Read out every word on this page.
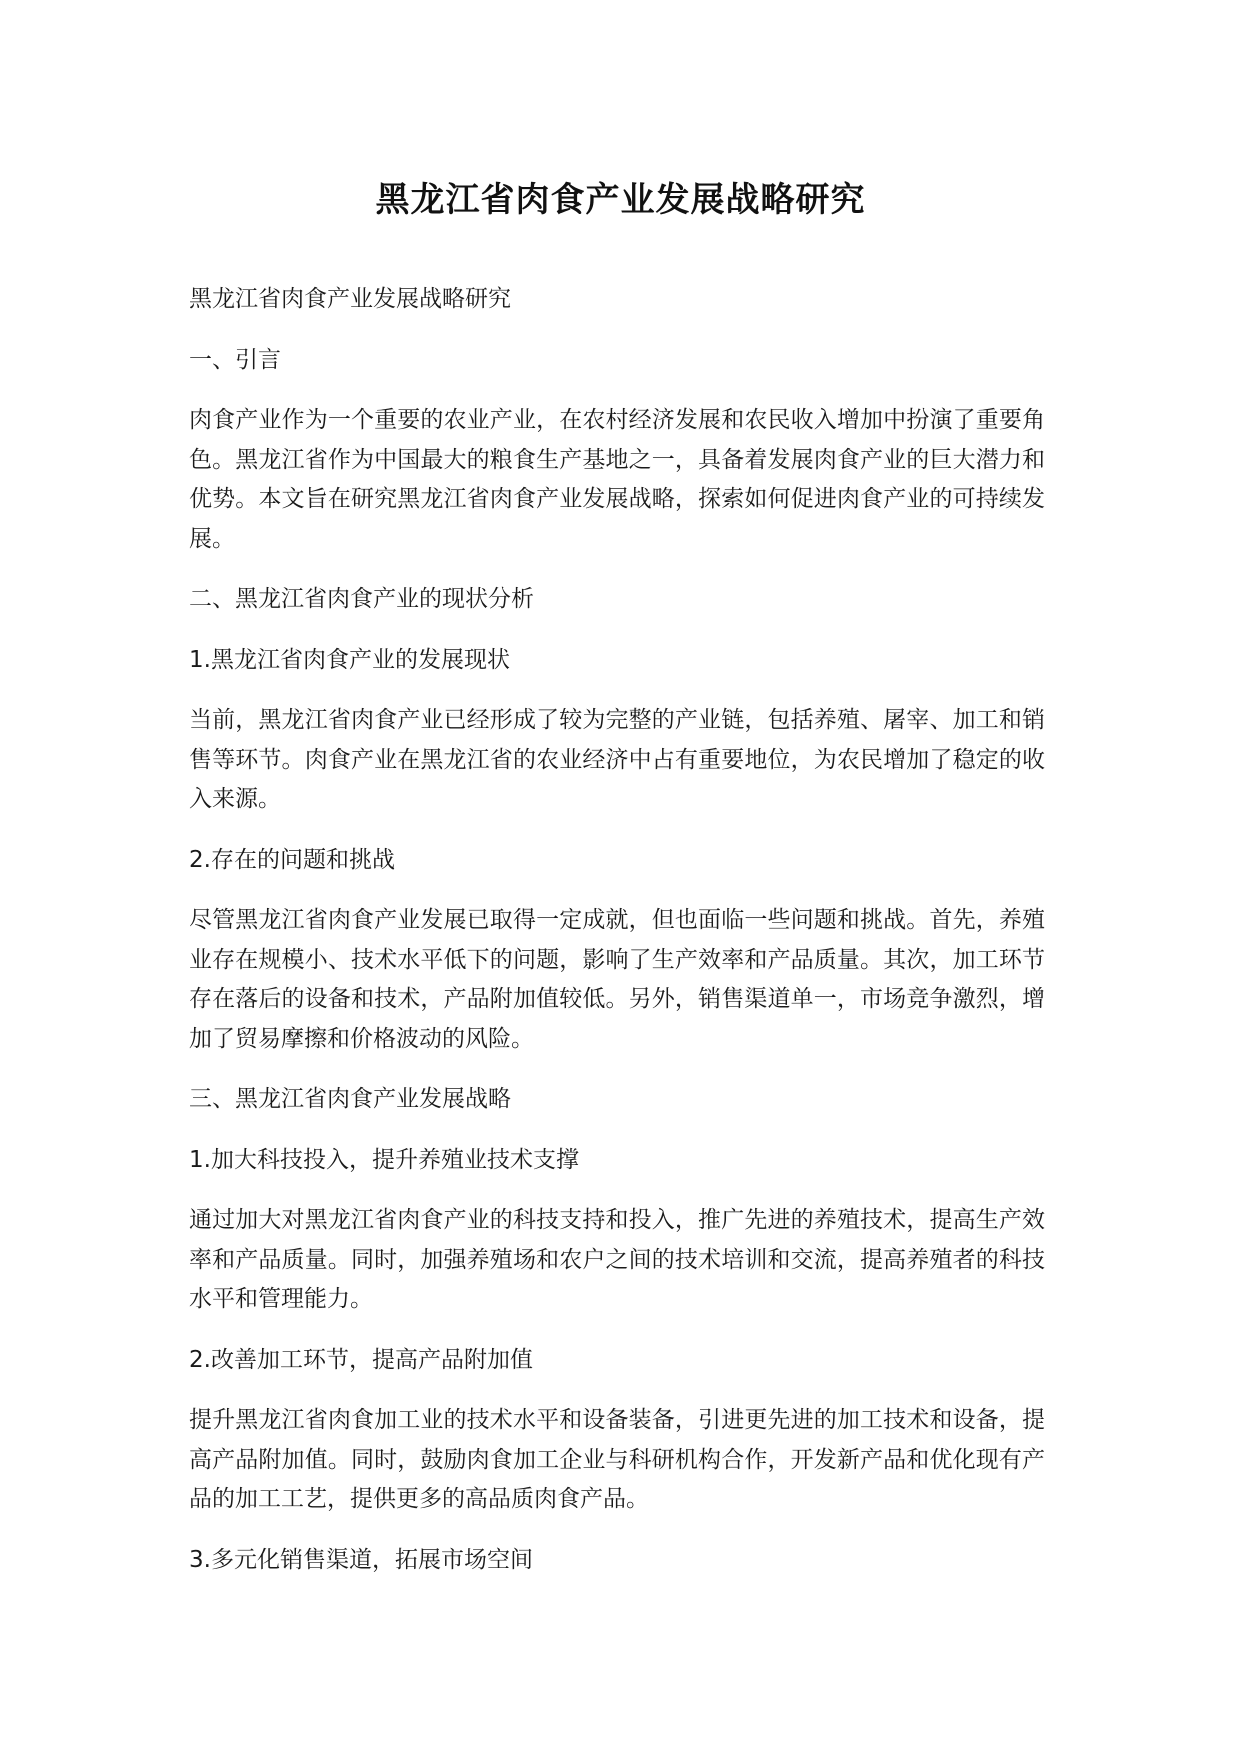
黑龙江省肉食产业发展战略研究

黑龙江省肉食产业发展战略研究

一、引言

肉食产业作为一个重要的农业产业，在农村经济发展和农民收入增加中扮演了重要角色。黑龙江省作为中国最大的粮食生产基地之一，具备着发展肉食产业的巨大潜力和优势。本文旨在研究黑龙江省肉食产业发展战略，探索如何促进肉食产业的可持续发展。

二、黑龙江省肉食产业的现状分析

1.黑龙江省肉食产业的发展现状

当前，黑龙江省肉食产业已经形成了较为完整的产业链，包括养殖、屠宰、加工和销售等环节。肉食产业在黑龙江省的农业经济中占有重要地位，为农民增加了稳定的收入来源。

2.存在的问题和挑战

尽管黑龙江省肉食产业发展已取得一定成就，但也面临一些问题和挑战。首先，养殖业存在规模小、技术水平低下的问题，影响了生产效率和产品质量。其次，加工环节存在落后的设备和技术，产品附加值较低。另外，销售渠道单一，市场竞争激烈，增加了贸易摩擦和价格波动的风险。

三、黑龙江省肉食产业发展战略

1.加大科技投入，提升养殖业技术支撑

通过加大对黑龙江省肉食产业的科技支持和投入，推广先进的养殖技术，提高生产效率和产品质量。同时，加强养殖场和农户之间的技术培训和交流，提高养殖者的科技水平和管理能力。

2.改善加工环节，提高产品附加值

提升黑龙江省肉食加工业的技术水平和设备装备，引进更先进的加工技术和设备，提高产品附加值。同时，鼓励肉食加工企业与科研机构合作，开发新产品和优化现有产品的加工工艺，提供更多的高品质肉食产品。

3.多元化销售渠道，拓展市场空间
